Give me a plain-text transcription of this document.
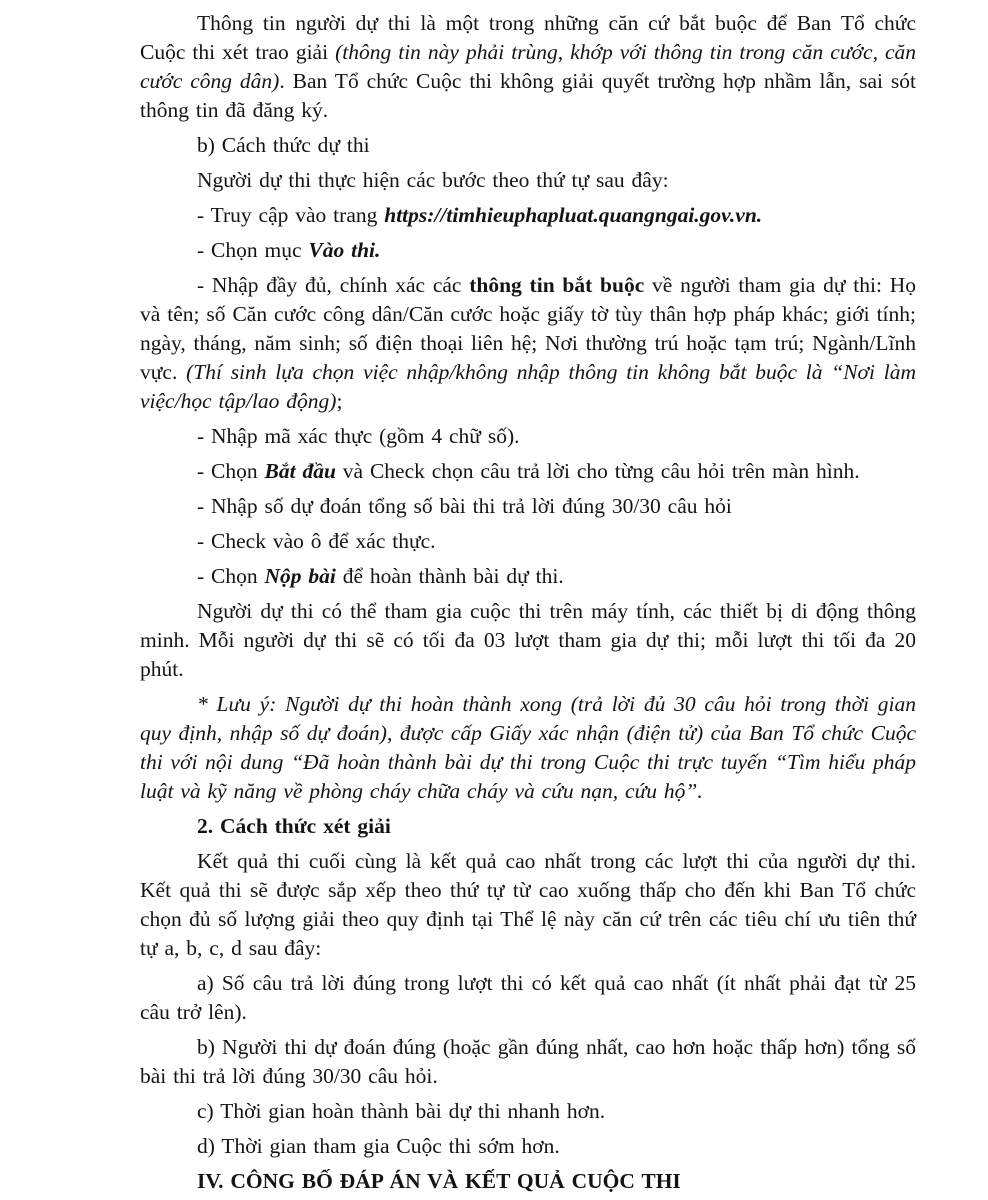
Thông tin người dự thi là một trong những căn cứ bắt buộc để Ban Tổ chức Cuộc thi xét trao giải (thông tin này phải trùng, khớp với thông tin trong căn cước, căn cước công dân). Ban Tổ chức Cuộc thi không giải quyết trường hợp nhầm lẫn, sai sót thông tin đã đăng ký.

b) Cách thức dự thi

Người dự thi thực hiện các bước theo thứ tự sau đây:

- Truy cập vào trang https://timhieuphapluat.quangngai.gov.vn.

- Chọn mục Vào thi.

- Nhập đầy đủ, chính xác các thông tin bắt buộc về người tham gia dự thi: Họ và tên; số Căn cước công dân/Căn cước hoặc giấy tờ tùy thân hợp pháp khác; giới tính; ngày, tháng, năm sinh; số điện thoại liên hệ; Nơi thường trú hoặc tạm trú; Ngành/Lĩnh vực. (Thí sinh lựa chọn việc nhập/không nhập thông tin không bắt buộc là “Nơi làm việc/học tập/lao động);

- Nhập mã xác thực (gồm 4 chữ số).

- Chọn Bắt đầu và Check chọn câu trả lời cho từng câu hỏi trên màn hình.

- Nhập số dự đoán tổng số bài thi trả lời đúng 30/30 câu hỏi

- Check vào ô để xác thực.

- Chọn Nộp bài để hoàn thành bài dự thi.

Người dự thi có thể tham gia cuộc thi trên máy tính, các thiết bị di động thông minh. Mỗi người dự thi sẽ có tối đa 03 lượt tham gia dự thi; mỗi lượt thi tối đa 20 phút.

* Lưu ý: Người dự thi hoàn thành xong (trả lời đủ 30 câu hỏi trong thời gian quy định, nhập số dự đoán), được cấp Giấy xác nhận (điện tử) của Ban Tổ chức Cuộc thi với nội dung “Đã hoàn thành bài dự thi trong Cuộc thi trực tuyến “Tìm hiểu pháp luật và kỹ năng về phòng cháy chữa cháy và cứu nạn, cứu hộ”.

2. Cách thức xét giải

Kết quả thi cuối cùng là kết quả cao nhất trong các lượt thi của người dự thi. Kết quả thi sẽ được sắp xếp theo thứ tự từ cao xuống thấp cho đến khi Ban Tổ chức chọn đủ số lượng giải theo quy định tại Thể lệ này căn cứ trên các tiêu chí ưu tiên thứ tự a, b, c, d sau đây:

a) Số câu trả lời đúng trong lượt thi có kết quả cao nhất (ít nhất phải đạt từ 25 câu trở lên).

b) Người thi dự đoán đúng (hoặc gần đúng nhất, cao hơn hoặc thấp hơn) tổng số bài thi trả lời đúng 30/30 câu hỏi.

c) Thời gian hoàn thành bài dự thi nhanh hơn.

d) Thời gian tham gia Cuộc thi sớm hơn.

IV. CÔNG BỐ ĐÁP ÁN VÀ KẾT QUẢ CUỘC THI
